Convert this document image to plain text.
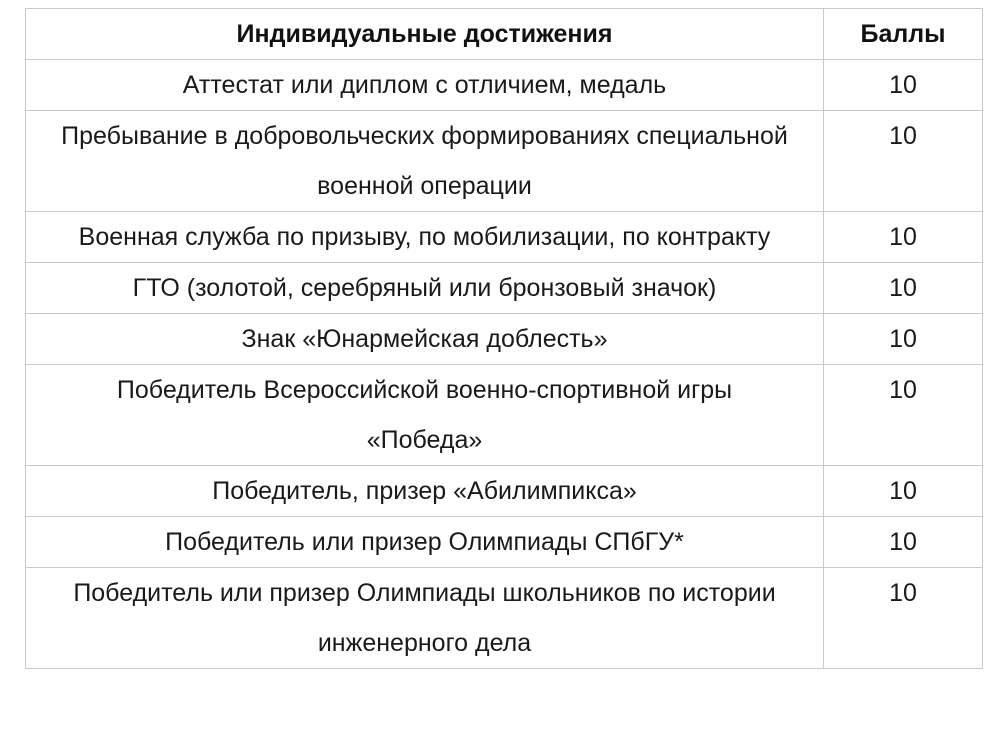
Индивидуальные достижения	Баллы
Аттестат или диплом с отличием, медаль	10
Пребывание в добровольческих формированиях специальной военной операции	10
Военная служба по призыву, по мобилизации, по контракту	10
ГТО (золотой, серебряный или бронзовый значок)	10
Знак «Юнармейская доблесть»	10
Победитель Всероссийской военно-спортивной игры «Победа»	10
Победитель, призер «Абилимпикса»	10
Победитель или призер Олимпиады СПбГУ*	10
Победитель или призер Олимпиады школьников по истории инженерного дела	10
